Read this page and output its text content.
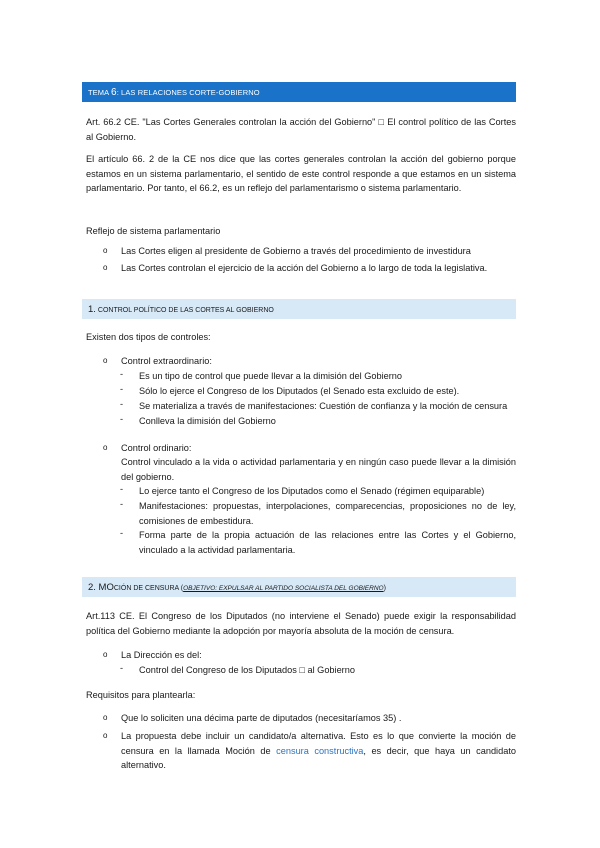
TEMA 6: LAS RELACIONES CORTE-GOBIERNO
Art. 66.2 CE. "Las Cortes Generales controlan la acción del Gobierno" □ El control político de las Cortes al Gobierno.
El artículo 66. 2 de la CE nos dice que las cortes generales controlan la acción del gobierno porque estamos en un sistema parlamentario, el sentido de este control responde a que estamos en un sistema parlamentario. Por tanto, el 66.2, es un reflejo del parlamentarismo o sistema parlamentario.
Reflejo de sistema parlamentario
o Las Cortes eligen al presidente de Gobierno a través del procedimiento de investidura
o Las Cortes controlan el ejercicio de la acción del Gobierno a lo largo de toda la legislativa.
1. CONTROL POLÍTICO DE LAS CORTES AL GOBIERNO
Existen dos tipos de controles:
o Control extraordinario:
- Es un tipo de control que puede llevar a la dimisión del Gobierno
- Sólo lo ejerce el Congreso de los Diputados (el Senado esta excluido de este).
- Se materializa a través de manifestaciones: Cuestión de confianza y la moción de censura
- Conlleva la dimisión del Gobierno
o Control ordinario:
Control vinculado a la vida o actividad parlamentaria y en ningún caso puede llevar a la dimisión del gobierno.
- Lo ejerce tanto el Congreso de los Diputados como el Senado (régimen equiparable)
- Manifestaciones: propuestas, interpolaciones, comparecencias, proposiciones no de ley, comisiones de embestidura.
- Forma parte de la propia actuación de las relaciones entre las Cortes y el Gobierno, vinculado a la actividad parlamentaria.
2. MOCIÓN DE CENSURA (OBJETIVO: EXPULSAR AL PARTIDO SOCIALISTA DEL GOBIERNO)
Art.113 CE. El Congreso de los Diputados (no interviene el Senado) puede exigir la responsabilidad política del Gobierno mediante la adopción por mayoría absoluta de la moción de censura.
o La Dirección es del:
- Control del Congreso de los Diputados □ al Gobierno
Requisitos para plantearla:
o Que lo soliciten una décima parte de diputados (necesitaríamos 35) .
o La propuesta debe incluir un candidato/a alternativa. Esto es lo que convierte la moción de censura en la llamada Moción de censura constructiva, es decir, que haya un candidato alternativo.
